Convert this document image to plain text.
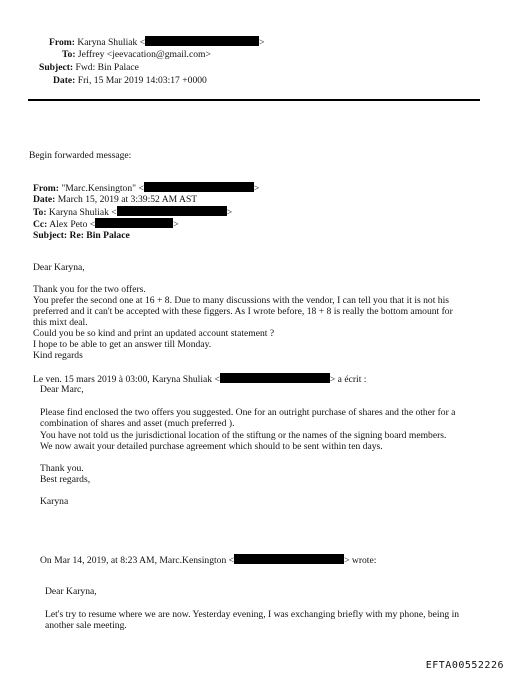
From: Karyna Shuliak <	>
To: Jeffrey <jeevacation@gmail.com>
Subject: Fwd: Bin Palace
Date: Fri, 15 Mar 2019 14:03:17 +0000
Begin forwarded message:
From: "Marc.Kensington" <	>
Date: March 15, 2019 at 3:39:52 AM AST
To: Karyna Shuliak <	>
Cc: Alex Peto <	>
Subject: Re: Bin Palace
Dear Karyna,
Thank you for the two offers.
You prefer the second one at 16 + 8. Due to many discussions with the vendor, I can tell you that it is not his
preferred and it can't be accepted with these figgers. As I wrote before, 18 + 8 is really the bottom amount for
this mixt deal.
Could you be so kind and print an updated account statement ?
I hope to be able to get an answer till Monday.
Kind regards
Le ven. 15 mars 2019 à 03:00, Karyna Shuliak <	> a écrit :
Dear Marc,
Please find enclosed the two offers you suggested. One for an outright purchase of shares and the other for a
combination of shares and asset (much preferred ).
You have not told us the jurisdictional location of the stiftung or the names of the signing board members.
We now await your detailed purchase agreement which should to be sent within ten days.
Thank you.
Best regards,
Karyna
On Mar 14, 2019, at 8:23 AM, Marc.Kensington <	> wrote:
Dear Karyna,
Let's try to resume where we are now. Yesterday evening, I was exchanging briefly with my phone, being in
another sale meeting.
EFTA00552226
